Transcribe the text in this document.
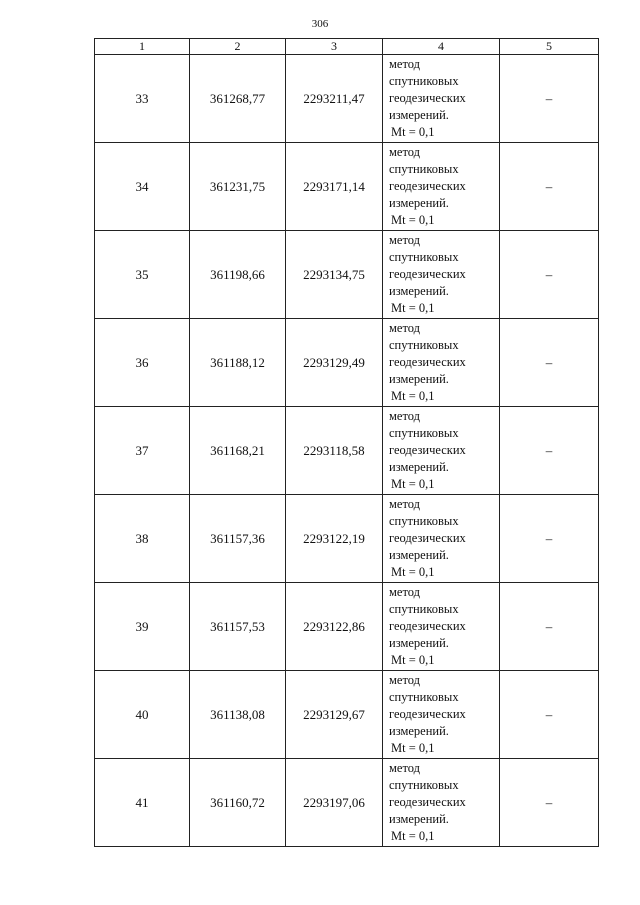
306
1	2	3	4	5
33	361268,77	2293211,47	метод
спутниковых
геодезических
измерений.
Mt = 0,1	–
34	361231,75	2293171,14	метод
спутниковых
геодезических
измерений.
Mt = 0,1	–
35	361198,66	2293134,75	метод
спутниковых
геодезических
измерений.
Mt = 0,1	–
36	361188,12	2293129,49	метод
спутниковых
геодезических
измерений.
Mt = 0,1	–
37	361168,21	2293118,58	метод
спутниковых
геодезических
измерений.
Mt = 0,1	–
38	361157,36	2293122,19	метод
спутниковых
геодезических
измерений.
Mt = 0,1	–
39	361157,53	2293122,86	метод
спутниковых
геодезических
измерений.
Mt = 0,1	–
40	361138,08	2293129,67	метод
спутниковых
геодезических
измерений.
Mt = 0,1	–
41	361160,72	2293197,06	метод
спутниковых
геодезических
измерений.
Mt = 0,1	–
